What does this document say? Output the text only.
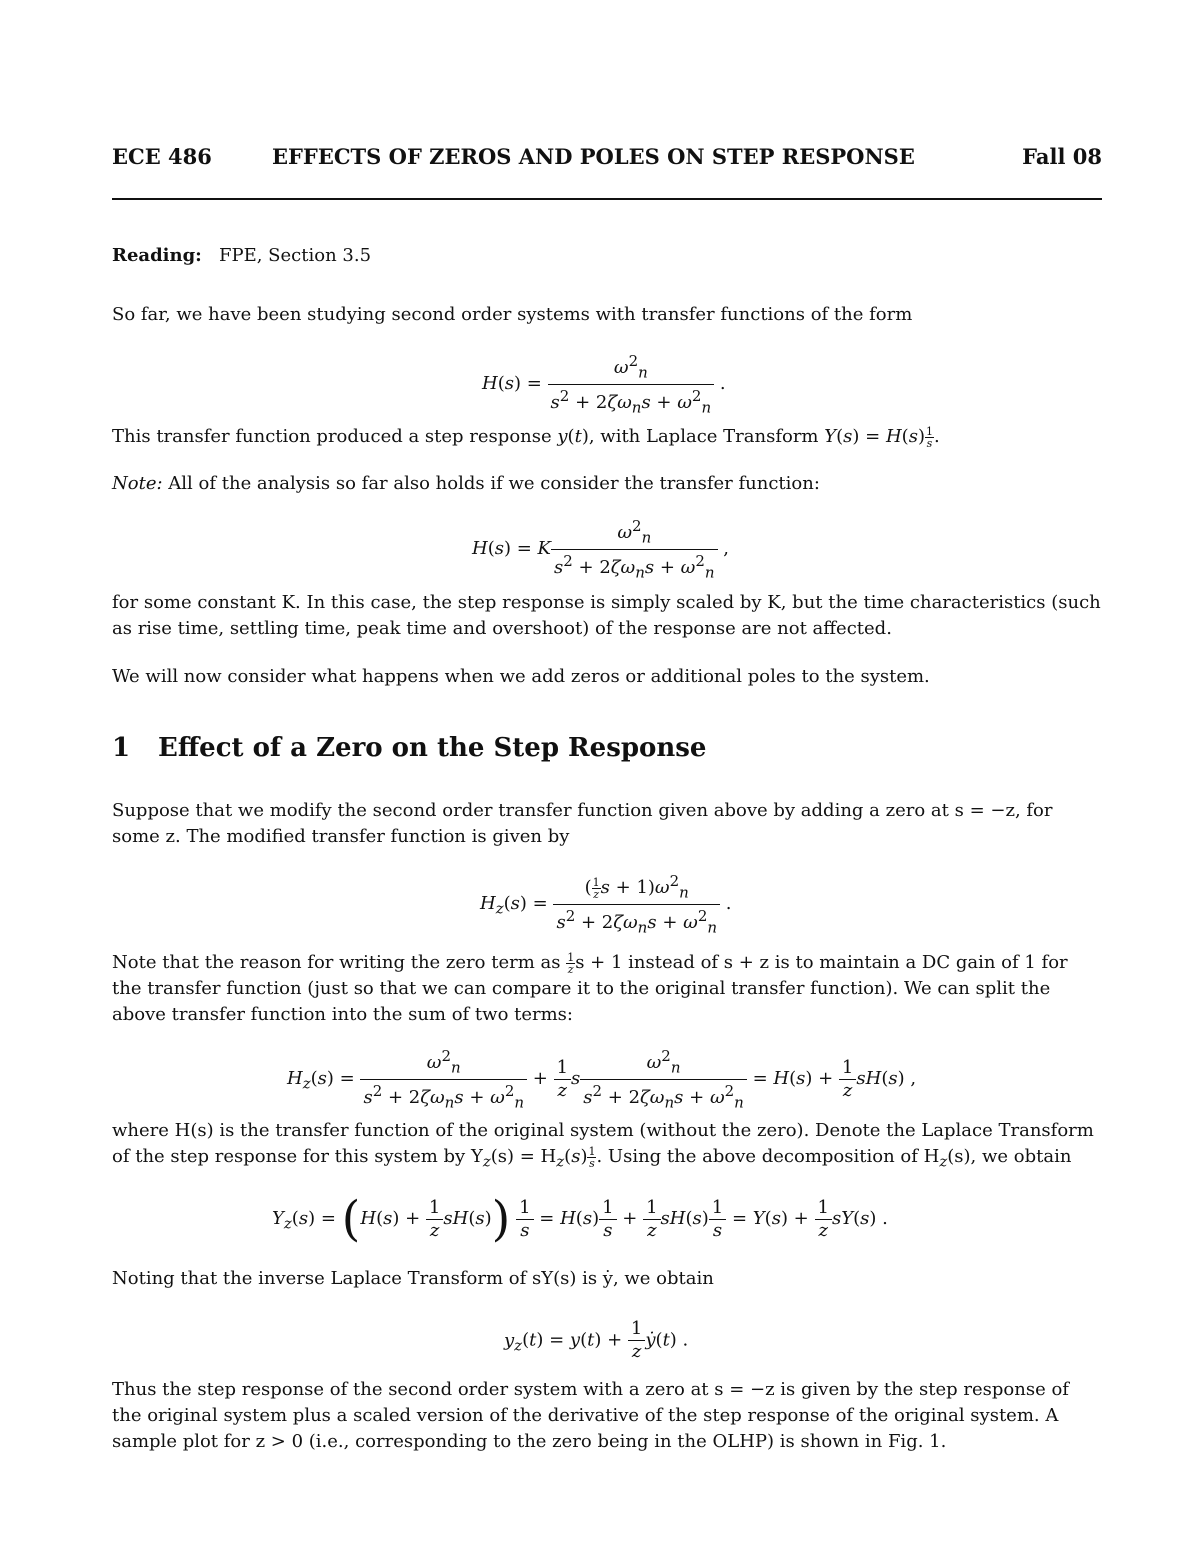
ECE 486	EFFECTS OF ZEROS AND POLES ON STEP RESPONSE	Fall 08
Reading: FPE, Section 3.5
So far, we have been studying second order systems with transfer functions of the form
$H(s) = \frac{\omega^2_n}{s^2 + 2\zeta\omega_ns + \omega^2_n}$ .
This transfer function produced a step response y(t), with Laplace Transform $Y(s) = H(s) \frac{1}{s}$ .
Note: All of the analysis so far also holds if we consider the transfer function:
H(s) = K $\frac{\omega^2_n}{s^2 + 2\zeta\omega_ns + \omega^2_n}$ ,
for some constant K. In this case, the step response is simply scaled by K, but the time characteristics (such as rise time, settling time, peak time and overshoot) of the response are not affected.
We will now consider what happens when we add zeros or additional poles to the system.
1 Effect of a Zero on the Step Response
Suppose that we modify the second order transfer function given above by adding a zero at s = −z, for some z. The modified transfer function is given by
$H_z(s) = \frac{( \frac{1}{z} s + 1)\omega^2_n}{s^2 + 2\zeta\omega_ns + \omega^2_n}$ .
Note that the reason for writing the zero term as $\frac{1}{z}$ s + 1 instead of s + z is to maintain a DC gain of 1 for the transfer function (just so that we can compare it to the original transfer function). We can split the above transfer function into the sum of two terms:
$H_z(s) = \frac{\omega^2_n}{s^2 + 2\zeta\omega_ns + \omega^2_n} + \frac{1}{z}$ s $\frac{\omega^2_n}{s^2 + 2\zeta\omega_ns + \omega^2_n} = H(s) + \frac{1}{z} sH(s)$ ,
where H(s) is the transfer function of the original system (without the zero). Denote the Laplace Transform of the step response for this system by $Y_z(s) = H_z(s) \frac{1}{s}$ . Using the above decomposition of $H_z(s)$, we obtain
$Y_z(s) = (H(s) + \frac{1}{z} sH(s)) \frac{1}{s} = H(s) \frac{1}{s} + \frac{1}{z} sH(s) \frac{1}{s} = Y(s) + \frac{1}{z} sY(s)$ .
Noting that the inverse Laplace Transform of sY(s) is ẏ, we obtain
$y_z(t) = y(t) + \frac{1}{z}$ ẏ(t) .
Thus the step response of the second order system with a zero at s = −z is given by the step response of the original system plus a scaled version of the derivative of the step response of the original system. A sample plot for z > 0 (i.e., corresponding to the zero being in the OLHP) is shown in Fig. 1.
